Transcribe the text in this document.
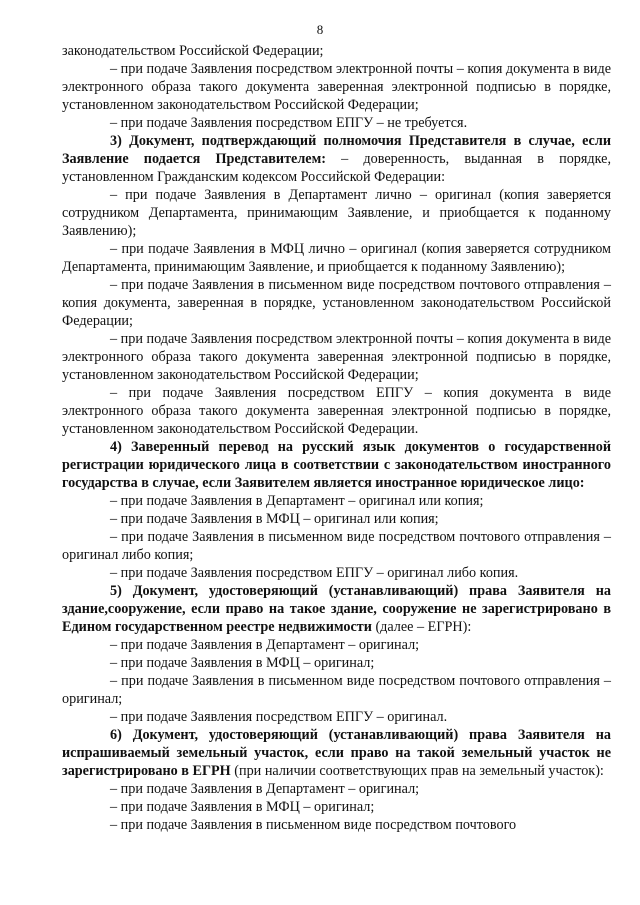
8

законодательством Российской Федерации;

– при подаче Заявления посредством электронной почты – копия документа в виде электронного образа такого документа заверенная электронной подписью в порядке, установленном законодательством Российской Федерации;

– при подаче Заявления посредством ЕПГУ – не требуется.

3) Документ, подтверждающий полномочия Представителя в случае, если Заявление подается Представителем: – доверенность, выданная в порядке, установленном Гражданским кодексом Российской Федерации:

– при подаче Заявления в Департамент лично – оригинал (копия заверяется сотрудником Департамента, принимающим Заявление, и приобщается к поданному Заявлению);

– при подаче Заявления в МФЦ лично – оригинал (копия заверяется сотрудником Департамента, принимающим Заявление, и приобщается к поданному Заявлению);

– при подаче Заявления в письменном виде посредством почтового отправления – копия документа, заверенная в порядке, установленном законодательством Российской Федерации;

– при подаче Заявления посредством электронной почты – копия документа в виде электронного образа такого документа заверенная электронной подписью в порядке, установленном законодательством Российской Федерации;

– при подаче Заявления посредством ЕПГУ – копия документа в виде электронного образа такого документа заверенная электронной подписью в порядке, установленном законодательством Российской Федерации.

4) Заверенный перевод на русский язык документов о государственной регистрации юридического лица в соответствии с законодательством иностранного государства в случае, если Заявителем является иностранное юридическое лицо:

– при подаче Заявления в Департамент – оригинал или копия;

– при подаче Заявления в МФЦ – оригинал или копия;

– при подаче Заявления в письменном виде посредством почтового отправления – оригинал либо копия;

– при подаче Заявления посредством ЕПГУ – оригинал либо копия.

5) Документ, удостоверяющий (устанавливающий) права Заявителя на здание,сооружение, если право на такое здание, сооружение не зарегистрировано в Едином государственном реестре недвижимости (далее – ЕГРН):

– при подаче Заявления в Департамент – оригинал;

– при подаче Заявления в МФЦ – оригинал;

– при подаче Заявления в письменном виде посредством почтового отправления – оригинал;

– при подаче Заявления посредством ЕПГУ – оригинал.

6) Документ, удостоверяющий (устанавливающий) права Заявителя на испрашиваемый земельный участок, если право на такой земельный участок не зарегистрировано в ЕГРН (при наличии соответствующих прав на земельный участок):

– при подаче Заявления в Департамент – оригинал;

– при подаче Заявления в МФЦ – оригинал;

– при подаче Заявления в письменном виде посредством почтового
